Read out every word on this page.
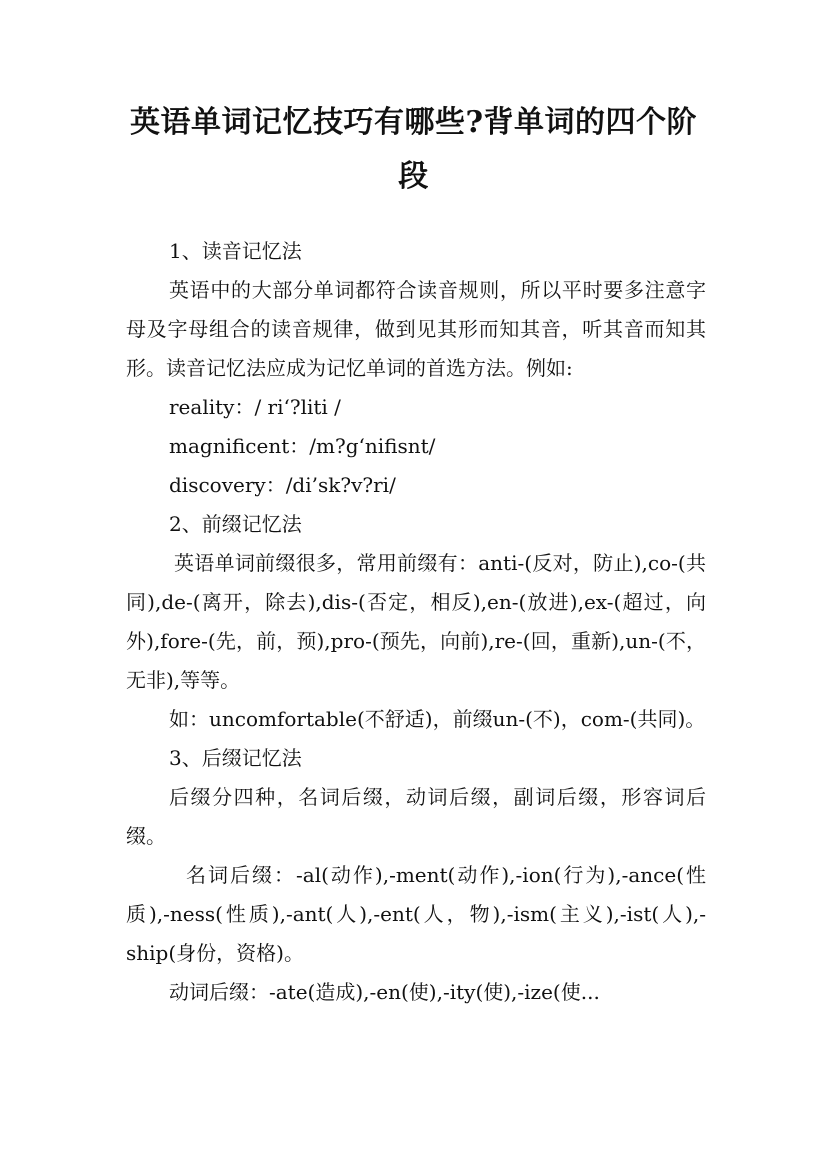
英语单词记忆技巧有哪些?背单词的四个阶段

1、读音记忆法

英语中的大部分单词都符合读音规则，所以平时要多注意字母及字母组合的读音规律，做到见其形而知其音，听其音而知其形。读音记忆法应成为记忆单词的首选方法。例如:

reality：/ ri‘?liti /

magnificent：/m?g‘nifisnt/

discovery：/di’sk?v?ri/

2、前缀记忆法

英语单词前缀很多，常用前缀有：anti-(反对，防止),co-(共同),de-(离开，除去),dis-(否定，相反),en-(放进),ex-(超过，向外),fore-(先，前，预),pro-(预先，向前),re-(回，重新),un-(不，无非),等等。

如：uncomfortable(不舒适)，前缀un-(不)，com-(共同)。

3、后缀记忆法

后缀分四种，名词后缀，动词后缀，副词后缀，形容词后缀。

名词后缀：-al(动作),-ment(动作),-ion(行为),-ance(性质),-ness(性质),-ant(人),-ent(人，物),-ism(主义),-ist(人),-ship(身份，资格)。

动词后缀：-ate(造成),-en(使),-ity(使),-ize(使...
